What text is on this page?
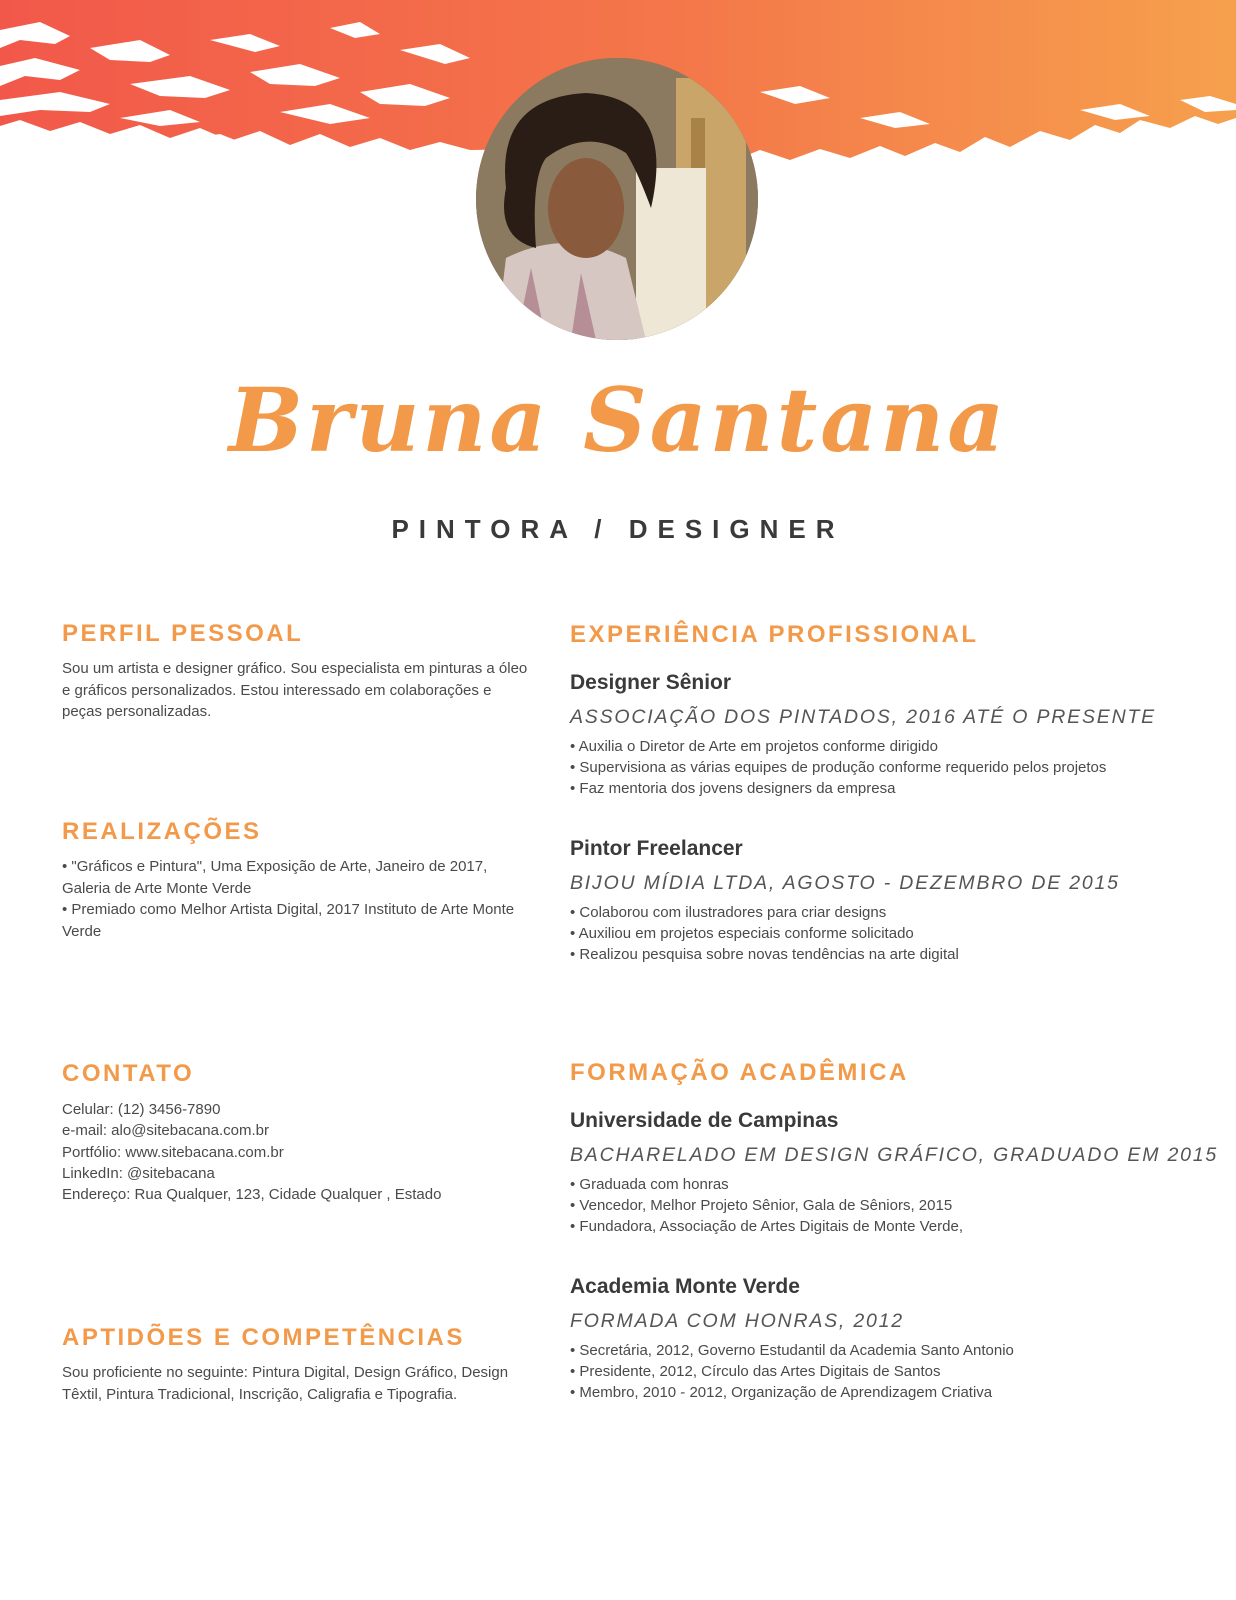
Bruna Santana
PINTORA / DESIGNER
PERFIL PESSOAL
Sou um artista e designer gráfico. Sou especialista em pinturas a óleo e gráficos personalizados. Estou interessado em colaborações e peças personalizadas.
REALIZAÇÕES
• "Gráficos e Pintura", Uma Exposição de Arte, Janeiro de 2017, Galeria de Arte Monte Verde
• Premiado como Melhor Artista Digital, 2017 Instituto de Arte Monte Verde
CONTATO
Celular: (12) 3456-7890
e-mail: alo@sitebacana.com.br
Portfólio: www.sitebacana.com.br
LinkedIn: @sitebacana
Endereço: Rua Qualquer, 123, Cidade Qualquer , Estado
APTIDÕES E COMPETÊNCIAS
Sou proficiente no seguinte: Pintura Digital, Design Gráfico, Design Têxtil, Pintura Tradicional, Inscrição, Caligrafia e Tipografia.
EXPERIÊNCIA PROFISSIONAL
Designer Sênior
ASSOCIAÇÃO DOS PINTADOS, 2016 ATÉ O PRESENTE
• Auxilia o Diretor de Arte em projetos conforme dirigido
• Supervisiona as várias equipes de produção conforme requerido pelos projetos
• Faz mentoria dos jovens designers da empresa
Pintor Freelancer
BIJOU MÍDIA LTDA, AGOSTO - DEZEMBRO DE 2015
• Colaborou com ilustradores para criar designs
• Auxiliou em projetos especiais conforme solicitado
• Realizou pesquisa sobre novas tendências na arte digital
FORMAÇÃO ACADÊMICA
Universidade de Campinas
BACHARELADO EM DESIGN GRÁFICO, GRADUADO EM 2015
• Graduada com honras
• Vencedor, Melhor Projeto Sênior, Gala de Sêniors, 2015
• Fundadora, Associação de Artes Digitais de Monte Verde,
Academia Monte Verde
FORMADA COM HONRAS, 2012
• Secretária, 2012, Governo Estudantil da Academia Santo Antonio
• Presidente, 2012, Círculo das Artes Digitais de Santos
• Membro, 2010 - 2012, Organização de Aprendizagem Criativa
